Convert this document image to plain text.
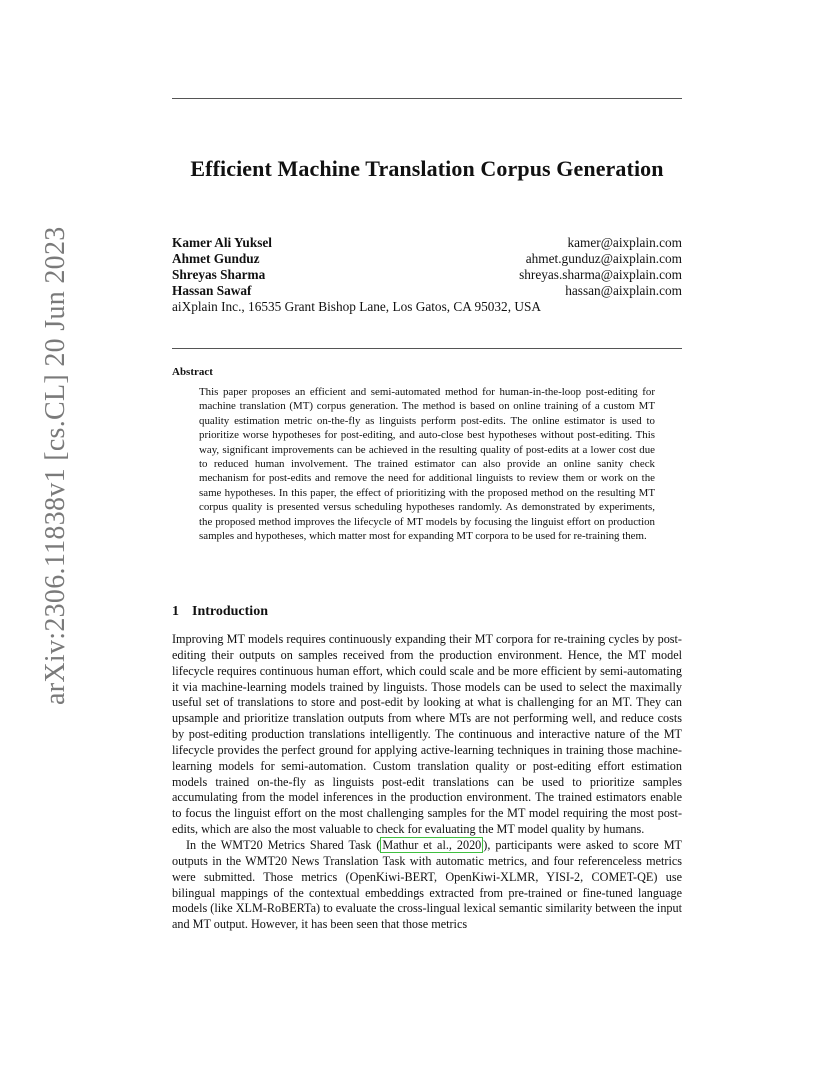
arXiv:2306.11838v1 [cs.CL] 20 Jun 2023
Efficient Machine Translation Corpus Generation
Kamer Ali Yuksel	kamer@aixplain.com
Ahmet Gunduz	ahmet.gunduz@aixplain.com
Shreyas Sharma	shreyas.sharma@aixplain.com
Hassan Sawaf	hassan@aixplain.com
aiXplain Inc., 16535 Grant Bishop Lane, Los Gatos, CA 95032, USA
Abstract
This paper proposes an efficient and semi-automated method for human-in-the-loop post-editing for machine translation (MT) corpus generation. The method is based on online training of a custom MT quality estimation metric on-the-fly as linguists perform post-edits. The online estimator is used to prioritize worse hypotheses for post-editing, and auto-close best hypotheses without post-editing. This way, significant improvements can be achieved in the resulting quality of post-edits at a lower cost due to reduced human involvement. The trained estimator can also provide an online sanity check mechanism for post-edits and remove the need for additional linguists to review them or work on the same hypotheses. In this paper, the effect of prioritizing with the proposed method on the resulting MT corpus quality is presented versus scheduling hypotheses randomly. As demonstrated by experiments, the proposed method improves the lifecycle of MT models by focusing the linguist effort on production samples and hypotheses, which matter most for expanding MT corpora to be used for re-training them.
1 Introduction

Improving MT models requires continuously expanding their MT corpora for re-training cycles by post-editing their outputs on samples received from the production environment. Hence, the MT model lifecycle requires continuous human effort, which could scale and be more efficient by semi-automating it via machine-learning models trained by linguists. Those models can be used to select the maximally useful set of translations to store and post-edit by looking at what is challenging for an MT. They can upsample and prioritize translation outputs from where MTs are not performing well, and reduce costs by post-editing production translations intelligently. The continuous and interactive nature of the MT lifecycle provides the perfect ground for applying active-learning techniques in training those machine-learning models for semi-automation. Custom translation quality or post-editing effort estimation models trained on-the-fly as linguists post-edit translations can be used to prioritize samples accumulating from the model inferences in the production environment. The trained estimators enable to focus the linguist effort on the most challenging samples for the MT model requiring the most post-edits, which are also the most valuable to check for evaluating the MT model quality by humans.

In the WMT20 Metrics Shared Task ( Mathur et al., 2020 ), participants were asked to score MT outputs in the WMT20 News Translation Task with automatic metrics, and four referenceless metrics were submitted. Those metrics (OpenKiwi-BERT, OpenKiwi-XLMR, YISI-2, COMET-QE) use bilingual mappings of the contextual embeddings extracted from pre-trained or fine-tuned language models (like XLM-RoBERTa) to evaluate the cross-lingual lexical semantic similarity between the input and MT output. However, it has been seen that those metrics
